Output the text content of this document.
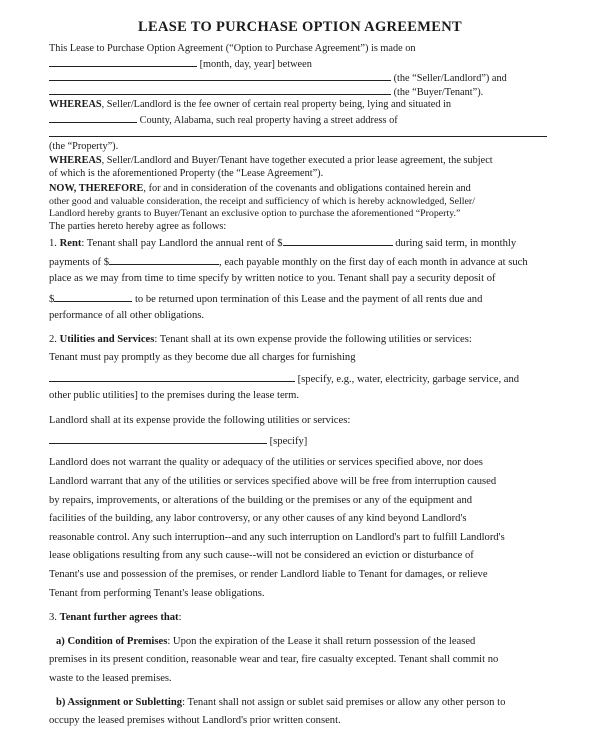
LEASE TO PURCHASE OPTION AGREEMENT
This Lease to Purchase Option Agreement (“Option to Purchase Agreement”) is made on
[month, day, year] between
(the “Seller/Landlord”) and
(the “Buyer/Tenant”).
WHEREAS, Seller/Landlord is the fee owner of certain real property being, lying and situated in
County, Alabama, such real property having a street address of
(the “Property”).
WHEREAS, Seller/Landlord and Buyer/Tenant have together executed a prior lease agreement, the subject
of which is the aforementioned Property (the “Lease Agreement”).
NOW, THEREFORE, for and in consideration of the covenants and obligations contained herein and
other good and valuable consideration, the receipt and sufficiency of which is hereby acknowledged, Seller/
Landlord hereby grants to Buyer/Tenant an exclusive option to purchase the aforementioned “Property.”
The parties hereto hereby agree as follows:
1. Rent: Tenant shall pay Landlord the annual rent of $	during said term, in monthly
payments of $	, each payable monthly on the first day of each month in advance at such
place as we may from time to time specify by written notice to you. Tenant shall pay a security deposit of
$	to be returned upon termination of this Lease and the payment of all rents due and
performance of all other obligations.
2. Utilities and Services: Tenant shall at its own expense provide the following utilities or services:
Tenant must pay promptly as they become due all charges for furnishing
[specify, e.g., water, electricity, garbage service, and
other public utilities] to the premises during the lease term.
Landlord shall at its expense provide the following utilities or services:
[specify]
Landlord does not warrant the quality or adequacy of the utilities or services specified above, nor does
Landlord warrant that any of the utilities or services specified above will be free from interruption caused
by repairs, improvements, or alterations of the building or the premises or any of the equipment and
facilities of the building, any labor controversy, or any other causes of any kind beyond Landlord's
reasonable control. Any such interruption--and any such interruption on Landlord's part to fulfill Landlord's
lease obligations resulting from any such cause--will not be considered an eviction or disturbance of
Tenant's use and possession of the premises, or render Landlord liable to Tenant for damages, or relieve
Tenant from performing Tenant's lease obligations.
3. Tenant further agrees that:
a) Condition of Premises: Upon the expiration of the Lease it shall return possession of the leased
premises in its present condition, reasonable wear and tear, fire casualty excepted. Tenant shall commit no
waste to the leased premises.
b) Assignment or Subletting: Tenant shall not assign or sublet said premises or allow any other person to
occupy the leased premises without Landlord's prior written consent.
